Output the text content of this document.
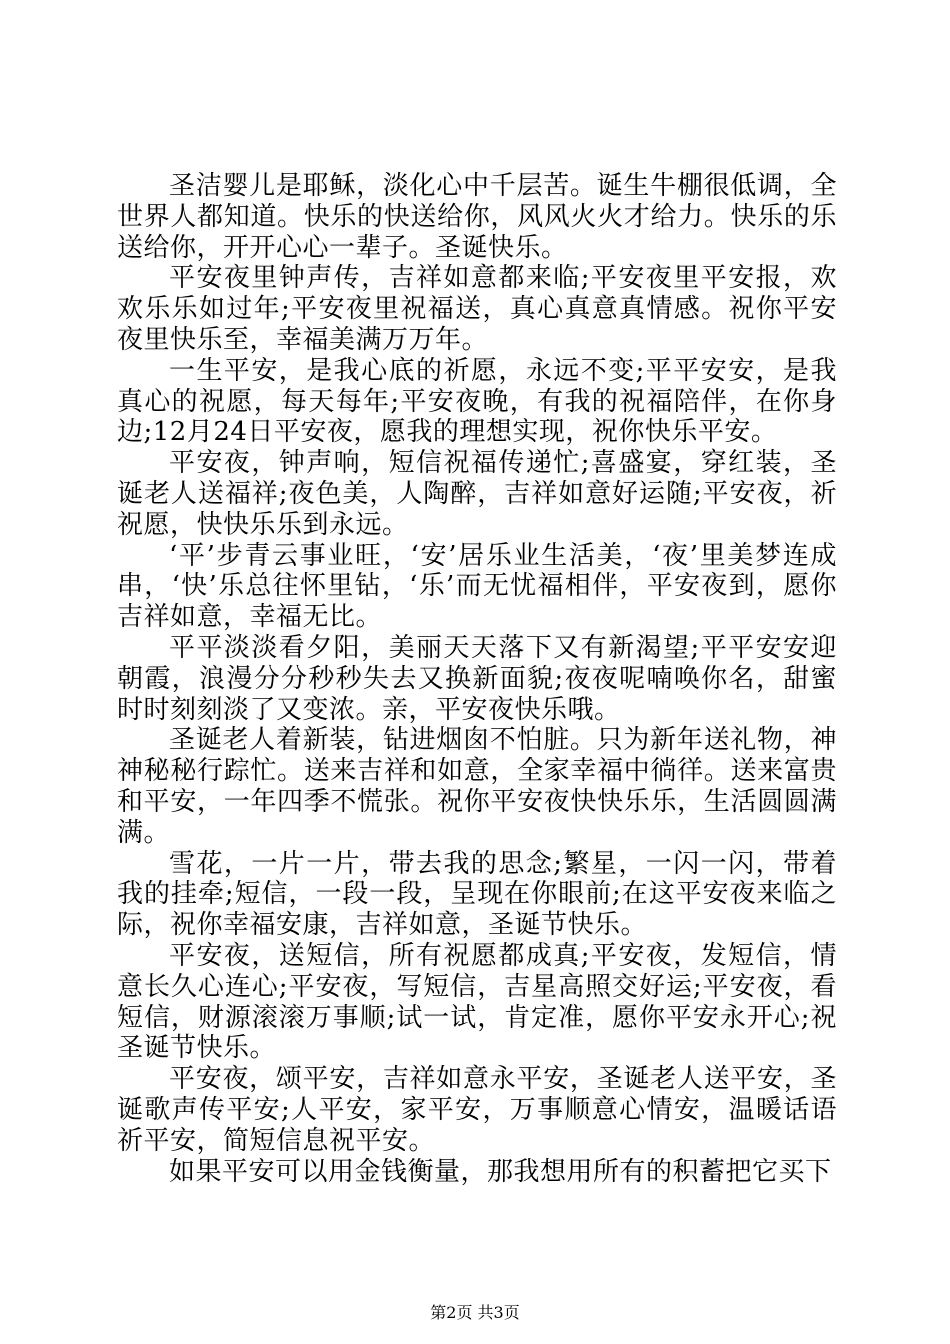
圣洁婴儿是耶稣，淡化心中千层苦。诞生牛棚很低调，全世界人都知道。快乐的快送给你，风风火火才给力。快乐的乐送给你，开开心心一辈子。圣诞快乐。

平安夜里钟声传，吉祥如意都来临;平安夜里平安报，欢欢乐乐如过年;平安夜里祝福送，真心真意真情感。祝你平安夜里快乐至，幸福美满万万年。

一生平安，是我心底的祈愿，永远不变;平平安安，是我真心的祝愿，每天每年;平安夜晚，有我的祝福陪伴，在你身边;12月24日平安夜，愿我的理想实现，祝你快乐平安。

平安夜，钟声响，短信祝福传递忙;喜盛宴，穿红装，圣诞老人送福祥;夜色美，人陶醉，吉祥如意好运随;平安夜，祈祝愿，快快乐乐到永远。

‘平’步青云事业旺，‘安’居乐业生活美，‘夜’里美梦连成串，‘快’乐总往怀里钻，‘乐’而无忧福相伴，平安夜到，愿你吉祥如意，幸福无比。

平平淡淡看夕阳，美丽天天落下又有新渴望;平平安安迎朝霞，浪漫分分秒秒失去又换新面貌;夜夜呢喃唤你名，甜蜜时时刻刻淡了又变浓。亲，平安夜快乐哦。

圣诞老人着新装，钻进烟囱不怕脏。只为新年送礼物，神神秘秘行踪忙。送来吉祥和如意，全家幸福中徜徉。送来富贵和平安，一年四季不慌张。祝你平安夜快快乐乐，生活圆圆满满。

雪花，一片一片，带去我的思念;繁星，一闪一闪，带着我的挂牵;短信，一段一段，呈现在你眼前;在这平安夜来临之际，祝你幸福安康，吉祥如意，圣诞节快乐。

平安夜，送短信，所有祝愿都成真;平安夜，发短信，情意长久心连心;平安夜，写短信，吉星高照交好运;平安夜，看短信，财源滚滚万事顺;试一试，肯定准，愿你平安永开心;祝圣诞节快乐。

平安夜，颂平安，吉祥如意永平安，圣诞老人送平安，圣诞歌声传平安;人平安，家平安，万事顺意心情安，温暖话语祈平安，简短信息祝平安。

如果平安可以用金钱衡量，那我想用所有的积蓄把它买下

第2页 共3页
